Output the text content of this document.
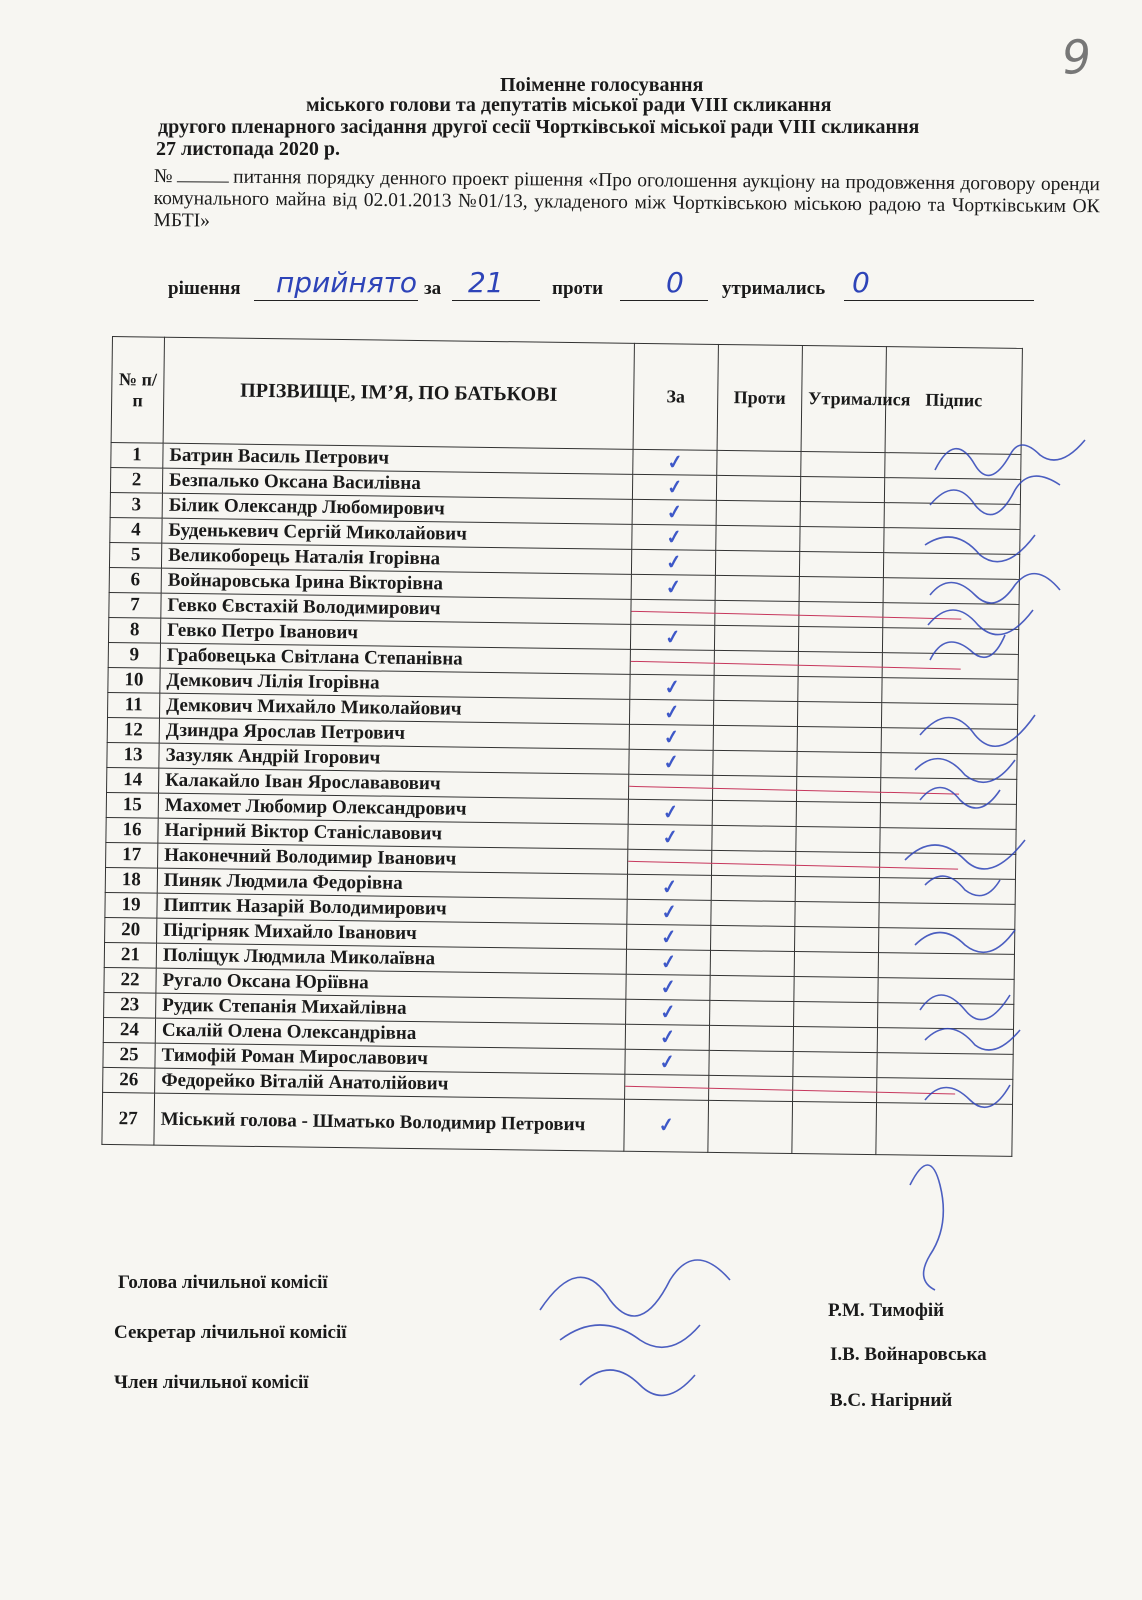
9
Поіменне голосування
міського голови та депутатів міської ради VIII скликання
другого пленарного засідання другої сесії Чортківської міської ради VIII скликання
27 листопада 2020 р.
№	питання порядку денного проект рішення «Про оголошення аукціону на продовження договору оренди комунального майна від 02.01.2013 №01/13, укладеного між Чортківською міською радою та Чортківським ОК МБТІ»
рішення прийнято за 21	проти 0 утримались 0
№ п/п	ПРІЗВИЩЕ, ІМ’Я, ПО БАТЬКОВІ	За	Проти	Утрималися	Підпис
1	Батрин Василь Петрович	✓			
2	Безпалько Оксана Василівна	✓			
3	Білик Олександр Любомирович	✓			
4	Буденькевич Сергій Миколайович	✓			
5	Великоборець Наталія Ігорівна	✓			
6	Войнаровська Ірина Вікторівна	✓			
7	Гевко Євстахій Володимирович	

8	Гевко Петро Іванович	✓			
9	Грабовецька Світлана Степанівна	

10	Демкович Лілія Ігорівна	✓			
11	Демкович Михайло Миколайович	✓			
12	Дзиндра Ярослав Петрович	✓			
13	Зазуляк Андрій Ігорович	✓			
14	Калакайло Іван Ярослававович	

15	Махомет Любомир Олександрович	✓			
16	Нагірний Віктор Станіславович	✓			
17	Наконечний Володимир Іванович	

18	Пиняк Людмила Федорівна	✓			
19	Пиптик Назарій Володимирович	✓			
20	Підгірняк Михайло Іванович	✓			
21	Поліщук Людмила Миколаївна	✓			
22	Ругало Оксана Юріївна	✓			
23	Рудик Степанія Михайлівна	✓			
24	Скалій Олена Олександрівна	✓			
25	Тимофій Роман Мирославович	✓			
26	Федорейко Віталій Анатолійович	

27	Міський голова - Шматько Володимир Петрович	✓			
Голова лічильної комісії
Секретар лічильної комісії
Член лічильної комісії
Р.М. Тимофій
І.В. Войнаровська
В.С. Нагірний
